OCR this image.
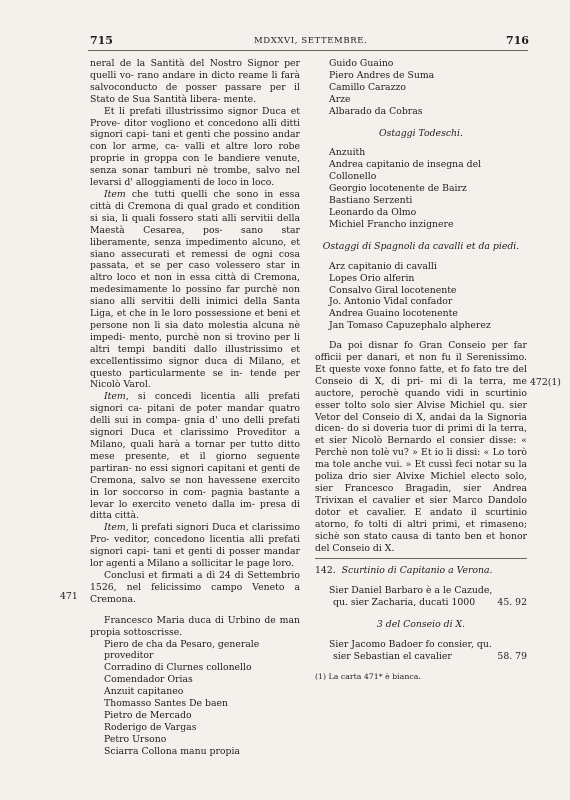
715	MDXXVI, SETTEMBRE.	716

neral de la Santità del Nostro Signor per quelli vo- rano andare in dicto reame li farà salvoconducto de posser passare per il Stato de Sua Santità libera- mente.

Et li prefati illustrissimo signor Duca et Prove- ditor vogliono et concedono alli ditti signori capi- tani et genti che possino andar con lor arme, ca- valli et altre loro robe proprie in groppa con le bandiere venute, senza sonar tamburi nè trombe, salvo nel levarsi d' alloggiamenti de loco in loco.

Item che tutti quelli che sono in essa città di Cremona di qual grado et condition si sia, li quali fossero stati alli servitii della Maestà Cesarea, pos- sano star liberamente, senza impedimento alcuno, et siano assecurati et remessi de ogni cosa passata, et se per caso volessero star in altro loco et non in essa città di Cremona, medesimamente lo possino far purchè non siano alli servitii delli inimici della Santa Liga, et che in le loro possessione et beni et persone non li sia dato molestia alcuna nè impedi- mento, purchè non si trovino per li altri tempi banditi dallo illustrissimo et excellentissimo signor duca di Milano, et questo particularmente se in- tende per Nicolò Varol.

Item, si concedi licentia alli prefati signori ca- pitani de poter mandar quatro delli sui in compa- gnia d' uno delli prefati signori Duca et clarissimo Proveditor a Milano, quali harà a tornar per tutto ditto mese presente, et il giorno seguente partiran- no essi signori capitani et genti de Cremona, salvo se non havessene exercito in lor soccorso in com- pagnia bastante a levar lo exercito veneto dalla im- presa di ditta città.

Item, li prefati signori Duca et clarissimo Pro- veditor, concedono licentia alli prefati signori capi- tani et genti di posser mandar lor agenti a Milano a sollicitar le page loro.

Conclusi et firmati a dì 24 di Settembrio 1526, nel felicissimo campo Veneto a Cremona.

Francesco Maria duca di Urbino de man propia sottoscrisse.

Piero de cha da Pesaro, generale proveditor
Corradino di Clurnes collonello
Comendador Orias
Anzuit capitaneo
Thomasso Santes De baen
Pietro de Mercado
Roderigo de Vargas
Petro Ursono
Sciarra Collona manu propia
471
Guido Guaino
Piero Andres de Suma
Camillo Carazzo
Arze
Albarado da Cobras
Ostaggi Todeschi.
Anzuith
Andrea capitanio de insegna del Collonello
Georgio locotenente de Bairz
Bastiano Serzenti
Leonardo da Olmo
Michiel Francho inzignere
Ostaggi di Spagnoli da cavalli et da piedi.
Arz capitanio di cavalli
Lopes Orio alferin
Consalvo Giral locotenente
Jo. Antonio Vidal confador
Andrea Guaino locotenente
Jan Tomaso Capuzephalo alpherez

Da poi disnar fo Gran Conseio per far officii per danari, et non fu il Serenissimo. Et queste voxe fonno fatte, et fo fato tre del Conseio di X, di pri- mi di la terra, me auctore, perochè quando vidi in scurtinio esser tolto solo sier Alvise Michiel qu. sier Vetor del Conseio di X, andai da la Signoria dicen- do si doveria tuor di primi di la terra, et sier Nicolò Bernardo el consier disse: « Perchè non tolè vu? » Et io li dissi: « Lo torò ma tole anche vui. » Et cussì feci notar su la poliza drio sier Alvixe Michiel electo solo, sier Francesco Bragadin, sier Andrea Trivixan el cavalier et sier Marco Dandolo dotor et cavalier. E andato il scurtinio atorno, fo tolti di altri primi, et rimaseno; sichè son stato causa di tanto ben et honor del Conseio di X.

142. Scurtinio di Capitanio a Verona.

Sier Daniel Barbaro è a le Cazude,

qu. sier Zacharia, ducati 1000 45. 92
3 del Conseio di X.

Sier Jacomo Badoer fo consier, qu.

sier Sebastian el cavalier	58. 79
(1) La carta 471* è bianca.
472(1)
